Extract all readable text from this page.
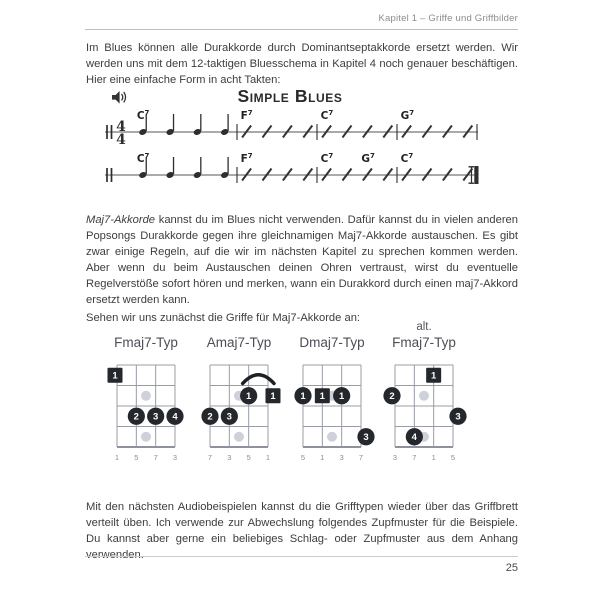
Kapitel 1 – Griffe und Griffbilder
Im Blues können alle Durakkorde durch Dominantseptakkorde ersetzt werden. Wir werden uns mit dem 12-taktigen Bluesschema in Kapitel 4 noch genauer beschäftigen. Hier eine einfache Form in acht Takten:
Simple Blues
4
4
$C^7$	$F^7$	$C^7$	$G^7$
$C^7$	$F^7$	$C^7$	$G^7$ $C^7$
Maj7-Akkorde kannst du im Blues nicht verwenden. Dafür kannst du in vielen anderen Popsongs Durakkorde gegen ihre gleichnamigen Maj7-Akkorde austauschen. Es gibt zwar einige Regeln, auf die wir im nächsten Kapitel zu sprechen kommen werden. Aber wenn du beim Austauschen deinen Ohren vertraust, wirst du eventuelle Regelverstöße sofort hören und merken, wann ein Durakkord durch einen maj7-Akkord ersetzt werden kann.
Sehen wir uns zunächst die Griffe für Maj7-Akkorde an:
Fmaj7-Typ
1
2 3 4
1 5 7 3
Amaj7-Typ
1 1
2 3
7 3 5 1
Dmaj7-Typ
1 1 1
3
5 1 3 7
alt.
Fmaj7-Typ
1
2
3
4
3 7 1 5
Mit den nächsten Audiobeispielen kannst du die Grifftypen wieder über das Griffbrett verteilt üben. Ich verwende zur Abwechslung folgendes Zupfmuster für die Beispiele. Du kannst aber gerne ein beliebiges Schlag- oder Zupfmuster aus dem Anhang verwenden.
25
